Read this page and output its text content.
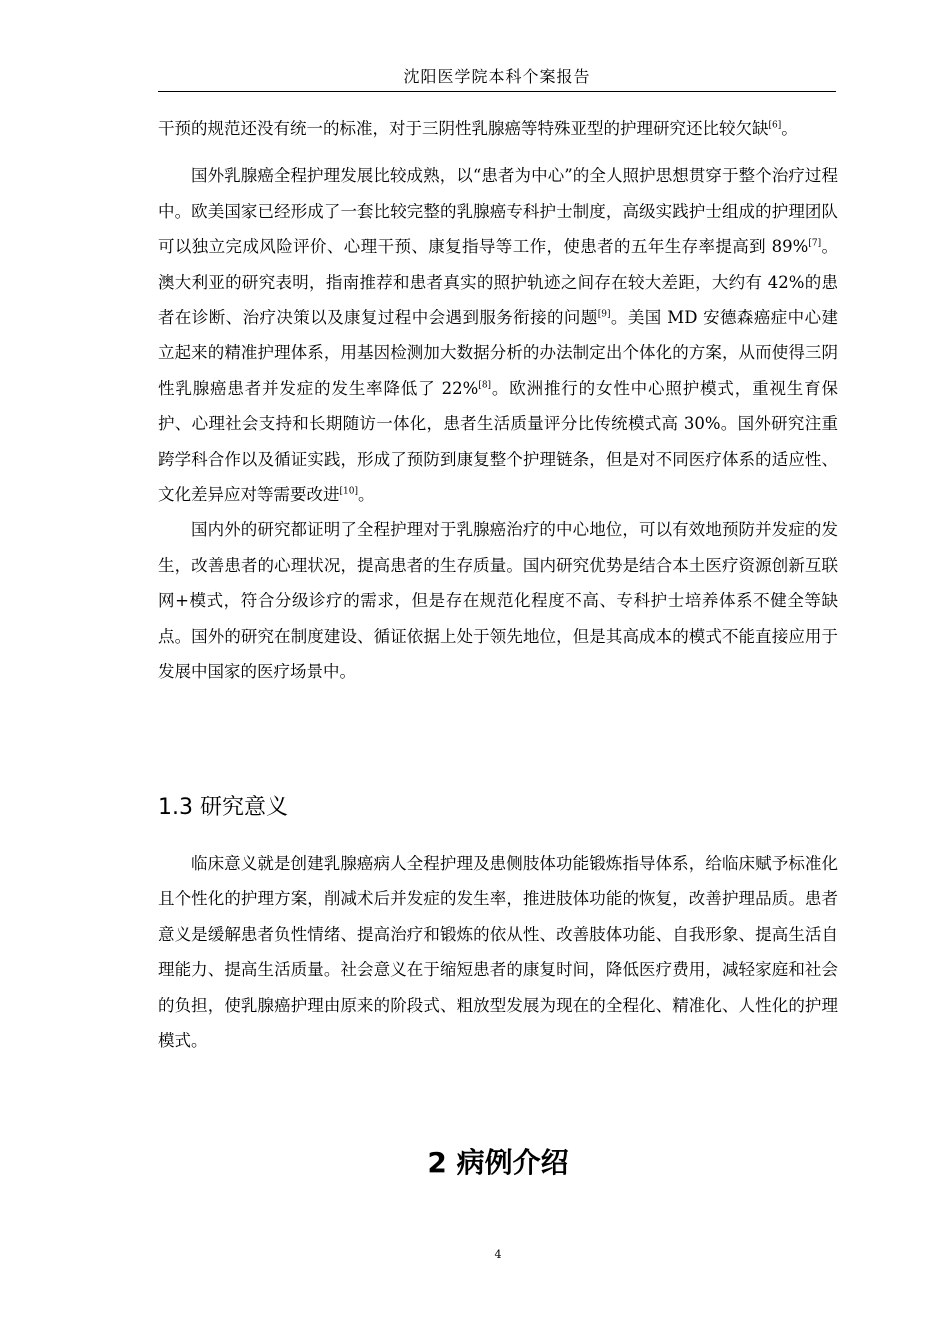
沈阳医学院本科个案报告

干预的规范还没有统一的标准，对于三阴性乳腺癌等特殊亚型的护理研究还比较欠缺[6]。

国外乳腺癌全程护理发展比较成熟，以“患者为中心”的全人照护思想贯穿于整个治疗过程中。欧美国家已经形成了一套比较完整的乳腺癌专科护士制度，高级实践护士组成的护理团队可以独立完成风险评价、心理干预、康复指导等工作，使患者的五年生存率提高到 89%[7]。澳大利亚的研究表明，指南推荐和患者真实的照护轨迹之间存在较大差距，大约有 42%的患者在诊断、治疗决策以及康复过程中会遇到服务衔接的问题[9]。美国 MD 安德森癌症中心建立起来的精准护理体系，用基因检测加大数据分析的办法制定出个体化的方案，从而使得三阴性乳腺癌患者并发症的发生率降低了 22%[8]。欧洲推行的女性中心照护模式，重视生育保护、心理社会支持和长期随访一体化，患者生活质量评分比传统模式高 30%。国外研究注重跨学科合作以及循证实践，形成了预防到康复整个护理链条，但是对不同医疗体系的适应性、文化差异应对等需要改进[10]。

国内外的研究都证明了全程护理对于乳腺癌治疗的中心地位，可以有效地预防并发症的发生，改善患者的心理状况，提高患者的生存质量。国内研究优势是结合本土医疗资源创新互联网+模式，符合分级诊疗的需求，但是存在规范化程度不高、专科护士培养体系不健全等缺点。国外的研究在制度建设、循证依据上处于领先地位，但是其高成本的模式不能直接应用于发展中国家的医疗场景中。

1.3 研究意义

临床意义就是创建乳腺癌病人全程护理及患侧肢体功能锻炼指导体系，给临床赋予标准化且个性化的护理方案，削减术后并发症的发生率，推进肢体功能的恢复，改善护理品质。患者意义是缓解患者负性情绪、提高治疗和锻炼的依从性、改善肢体功能、自我形象、提高生活自理能力、提高生活质量。社会意义在于缩短患者的康复时间，降低医疗费用，减轻家庭和社会的负担，使乳腺癌护理由原来的阶段式、粗放型发展为现在的全程化、精准化、人性化的护理模式。

2 病例介绍
4
